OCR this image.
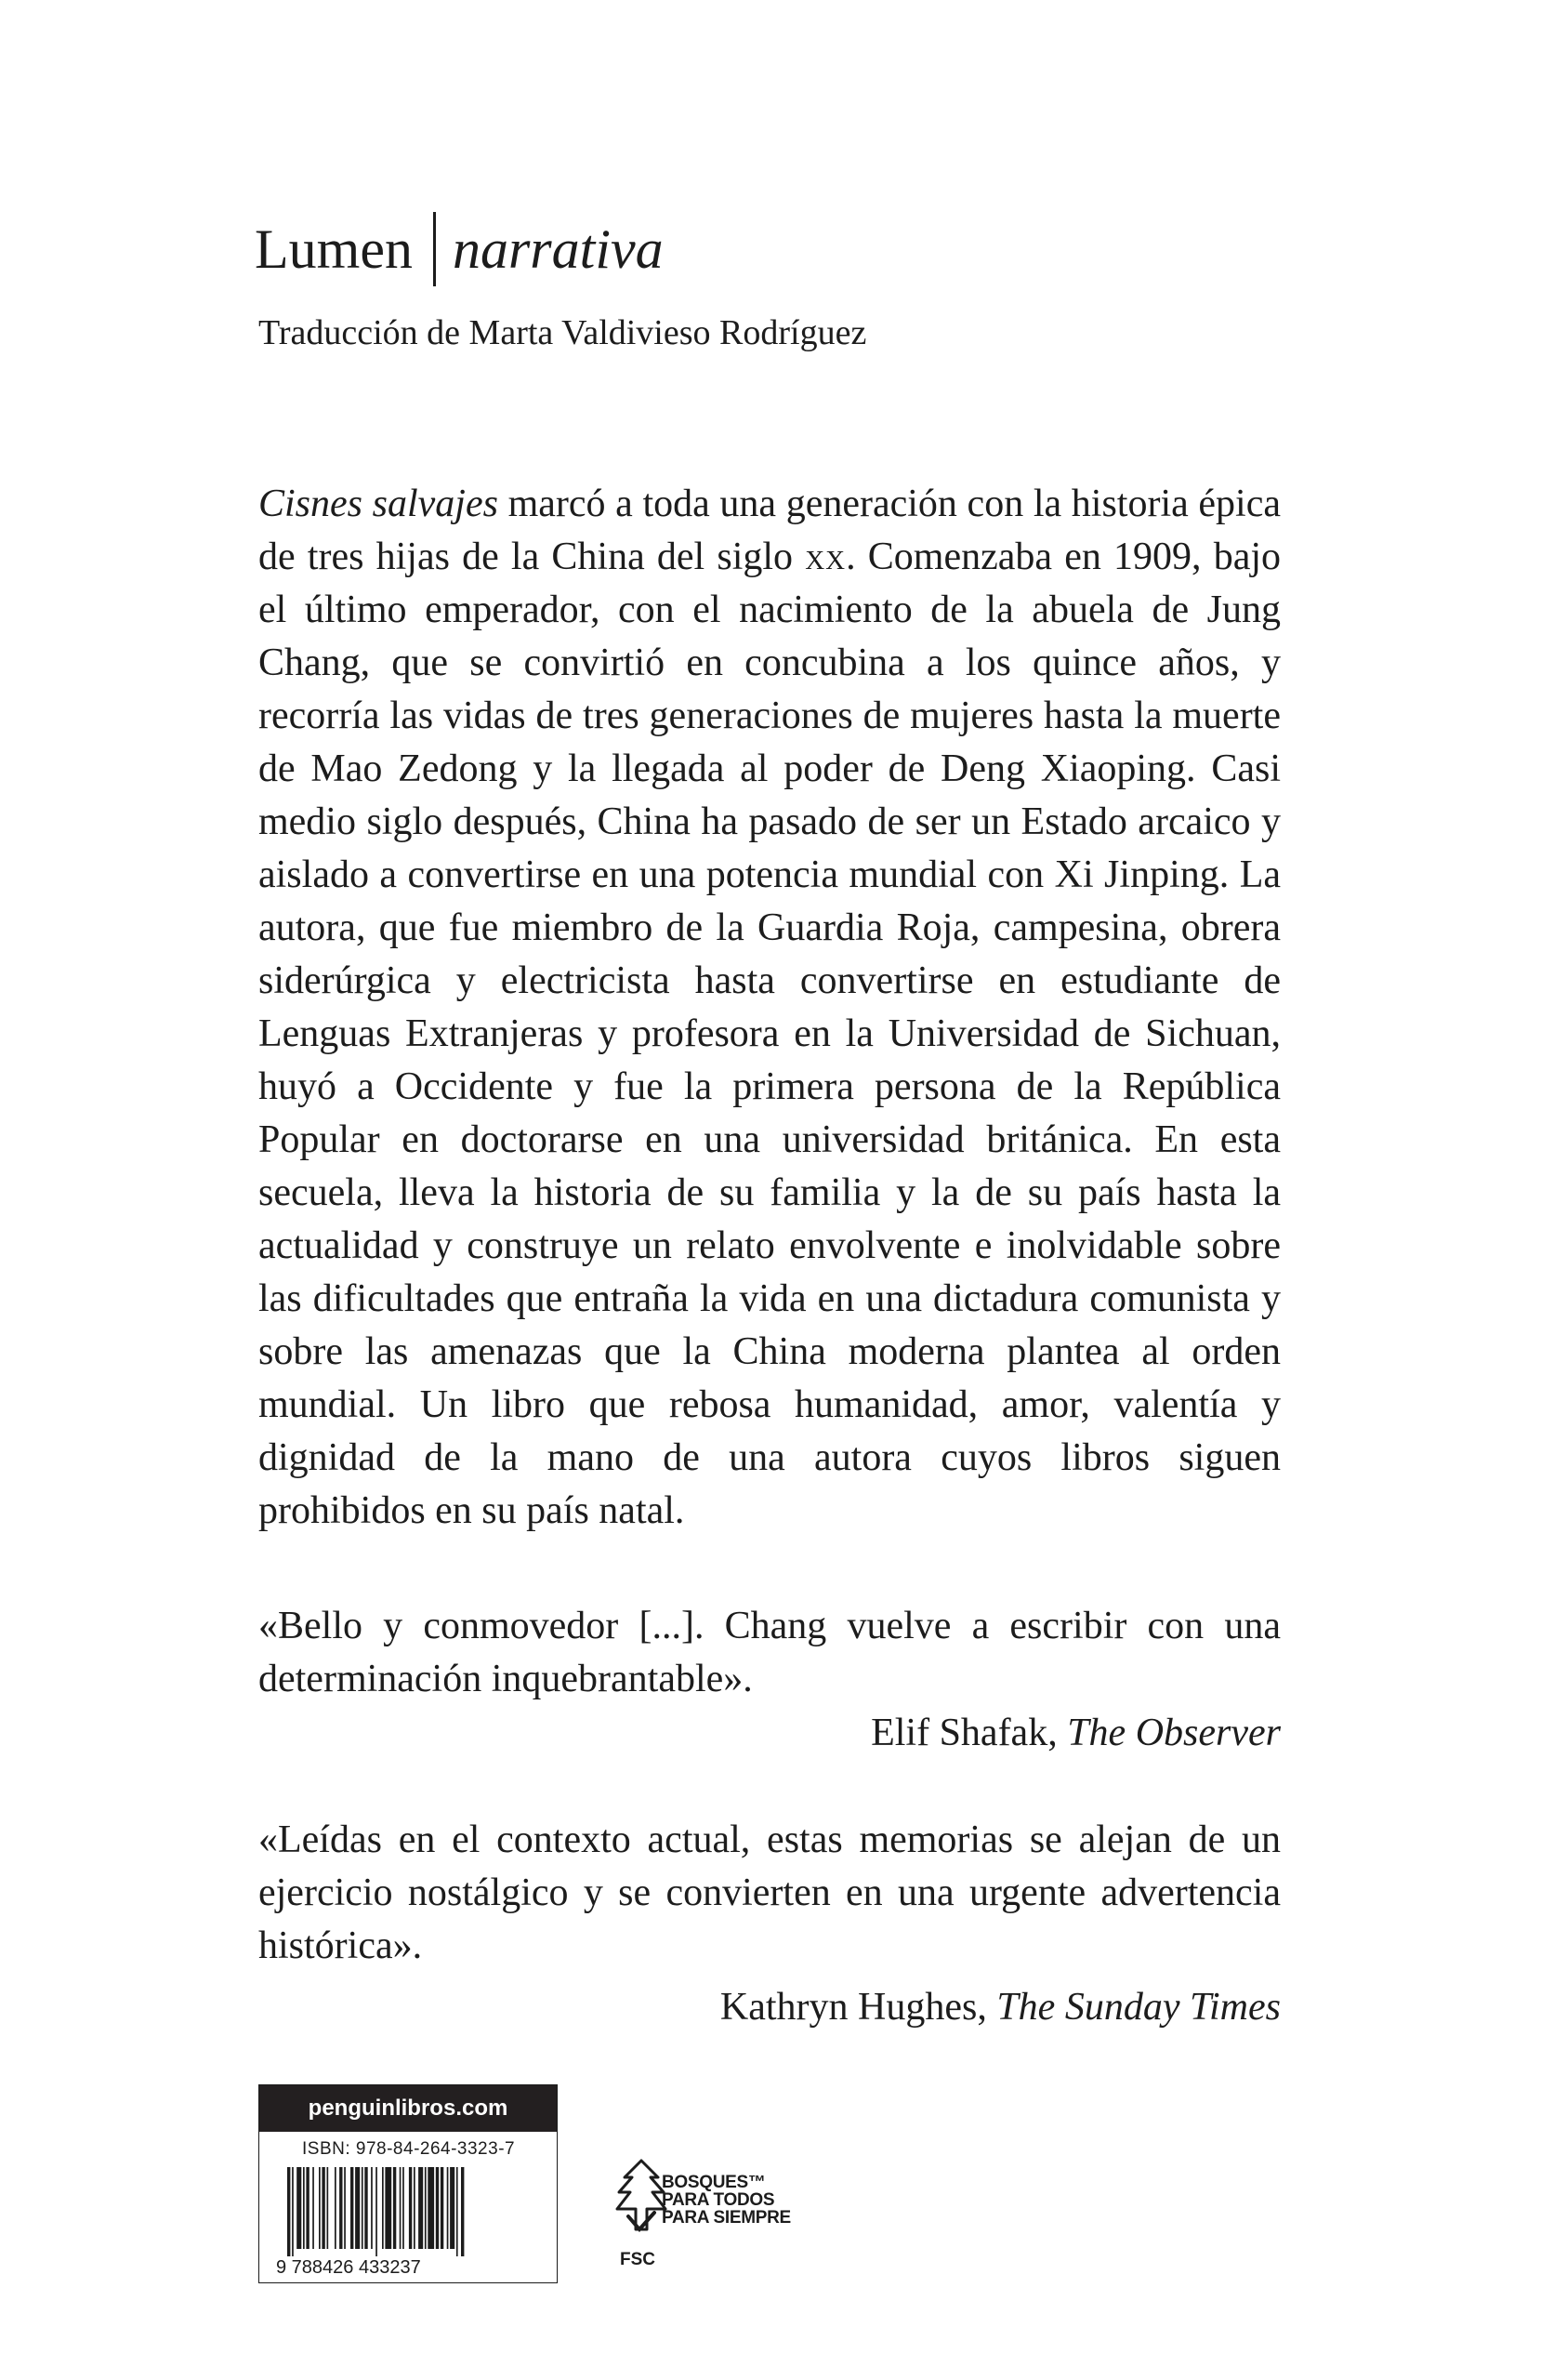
Lumen narrativa
Traducción de Marta Valdivieso Rodríguez

Cisnes salvajes marcó a toda una generación con la historia épica de tres hijas de la China del siglo xx. Comenzaba en 1909, bajo el último emperador, con el nacimiento de la abuela de Jung Chang, que se convirtió en concubina a los quince años, y recorría las vidas de tres generaciones de mujeres hasta la muerte de Mao Zedong y la llegada al poder de Deng Xiaoping. Casi medio siglo después, China ha pasado de ser un Estado arcaico y aislado a convertirse en una potencia mundial con Xi Jinping. La autora, que fue miembro de la Guardia Roja, campesina, obrera siderúrgica y electricista hasta convertirse en estudiante de Lenguas Extranjeras y profesora en la Universidad de Sichuan, huyó a Occidente y fue la primera persona de la República Popular en doctorarse en una universidad británica. En esta secuela, lleva la historia de su familia y la de su país hasta la actualidad y construye un relato envolvente e inolvidable sobre las dificultades que entraña la vida en una dictadura comunista y sobre las amenazas que la China moderna plantea al orden mundial. Un libro que rebosa humanidad, amor, valentía y dignidad de la mano de una autora cuyos libros siguen prohibidos en su país natal.

«Bello y conmovedor [...]. Chang vuelve a escribir con una determinación inquebrantable».

Elif Shafak, The Observer

«Leídas en el contexto actual, estas memorias se alejan de un ejercicio nostálgico y se convierten en una urgente advertencia histórica».

Kathryn Hughes, The Sunday Times
penguinlibros.com
ISBN: 978-84-264-3323-7
9 788426 433237
BOSQUES™
PARA TODOS
PARA SIEMPRE
FSC
